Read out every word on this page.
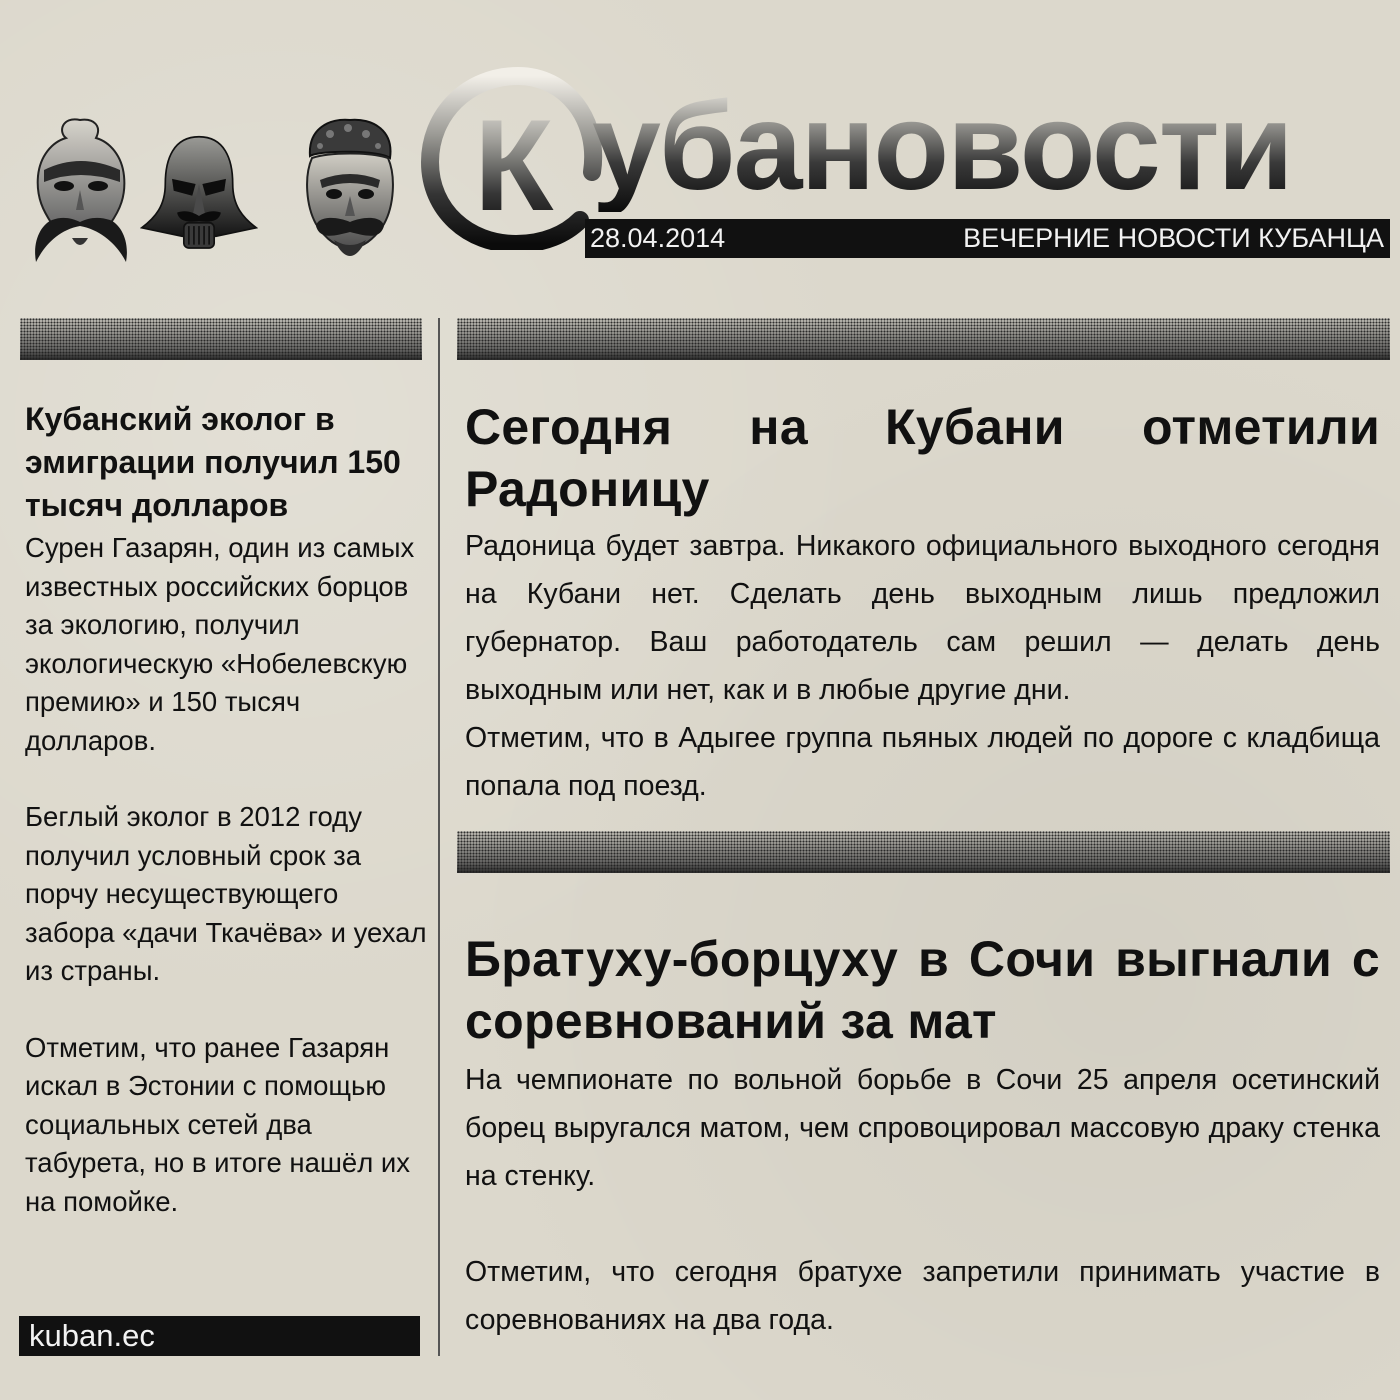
К убановости
28.04.2014	ВЕЧЕРНИЕ НОВОСТИ КУБАНЦА
Кубанский эколог в эмиграции получил 150 тысяч долларов

Сурен Газарян, один из самых известных российских борцов за экологию, получил экологическую «Нобелевскую премию» и 150 тысяч долларов.

Беглый эколог в 2012 году получил условный срок за порчу несуществующего забора «дачи Ткачёва» и уехал из страны.

Отметим, что ранее Газарян искал в Эстонии с помощью социальных сетей два табурета, но в итоге нашёл их на помойке.

kuban.ec
Сегодня на Кубани отметили Радоницу

Радоница будет завтра. Никакого официального выходного сегодня на Кубани нет. Сделать день выходным лишь предложил губернатор. Ваш работодатель сам решил — делать день выходным или нет, как и в любые другие дни.

Отметим, что в Адыгее группа пьяных людей по дороге с кладбища попала под поезд.

Братуху-борцуху в Сочи выгнали с соревнований за мат

На чемпионате по вольной борьбе в Сочи 25 апреля осетинский борец выругался матом, чем спровоцировал массовую драку стенка на стенку.

Отметим, что сегодня братухе запретили принимать участие в соревнованиях на два года.
